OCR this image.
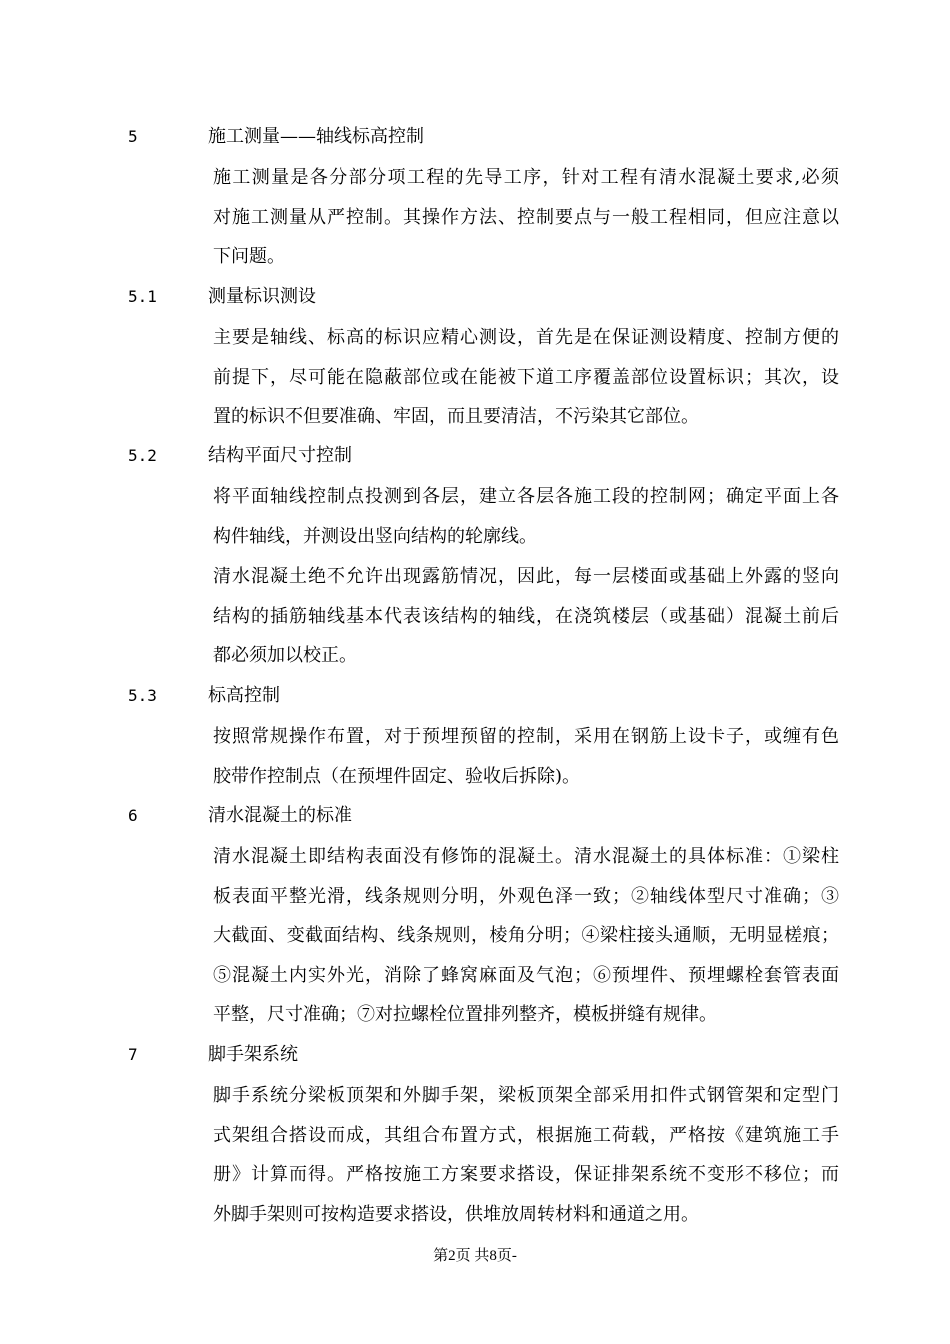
5	施工测量——轴线标高控制
施工测量是各分部分项工程的先导工序，针对工程有清水混凝土要求,必须
对施工测量从严控制。其操作方法、控制要点与一般工程相同，但应注意以
下问题。
5.1	测量标识测设
主要是轴线、标高的标识应精心测设，首先是在保证测设精度、控制方便的
前提下，尽可能在隐蔽部位或在能被下道工序覆盖部位设置标识；其次，设
置的标识不但要准确、牢固，而且要清洁，不污染其它部位。
5.2	结构平面尺寸控制
将平面轴线控制点投测到各层，建立各层各施工段的控制网；确定平面上各
构件轴线，并测设出竖向结构的轮廓线。
清水混凝土绝不允许出现露筋情况，因此，每一层楼面或基础上外露的竖向
结构的插筋轴线基本代表该结构的轴线，在浇筑楼层（或基础）混凝土前后
都必须加以校正。
5.3	标高控制
按照常规操作布置，对于预埋预留的控制，采用在钢筋上设卡子，或缠有色
胶带作控制点（在预埋件固定、验收后拆除)。
6	清水混凝土的标准
清水混凝土即结构表面没有修饰的混凝土。清水混凝土的具体标准：①梁柱
板表面平整光滑，线条规则分明，外观色泽一致；②轴线体型尺寸准确；③
大截面、变截面结构、线条规则，棱角分明；④梁柱接头通顺，无明显槎痕；
⑤混凝土内实外光，消除了蜂窝麻面及气泡；⑥预埋件、预埋螺栓套管表面
平整，尺寸准确；⑦对拉螺栓位置排列整齐，模板拼缝有规律。
7	脚手架系统
脚手系统分梁板顶架和外脚手架，梁板顶架全部采用扣件式钢管架和定型门
式架组合搭设而成，其组合布置方式，根据施工荷载，严格按《建筑施工手
册》计算而得。严格按施工方案要求搭设，保证排架系统不变形不移位；而
外脚手架则可按构造要求搭设，供堆放周转材料和通道之用。
第2页 共8页-
